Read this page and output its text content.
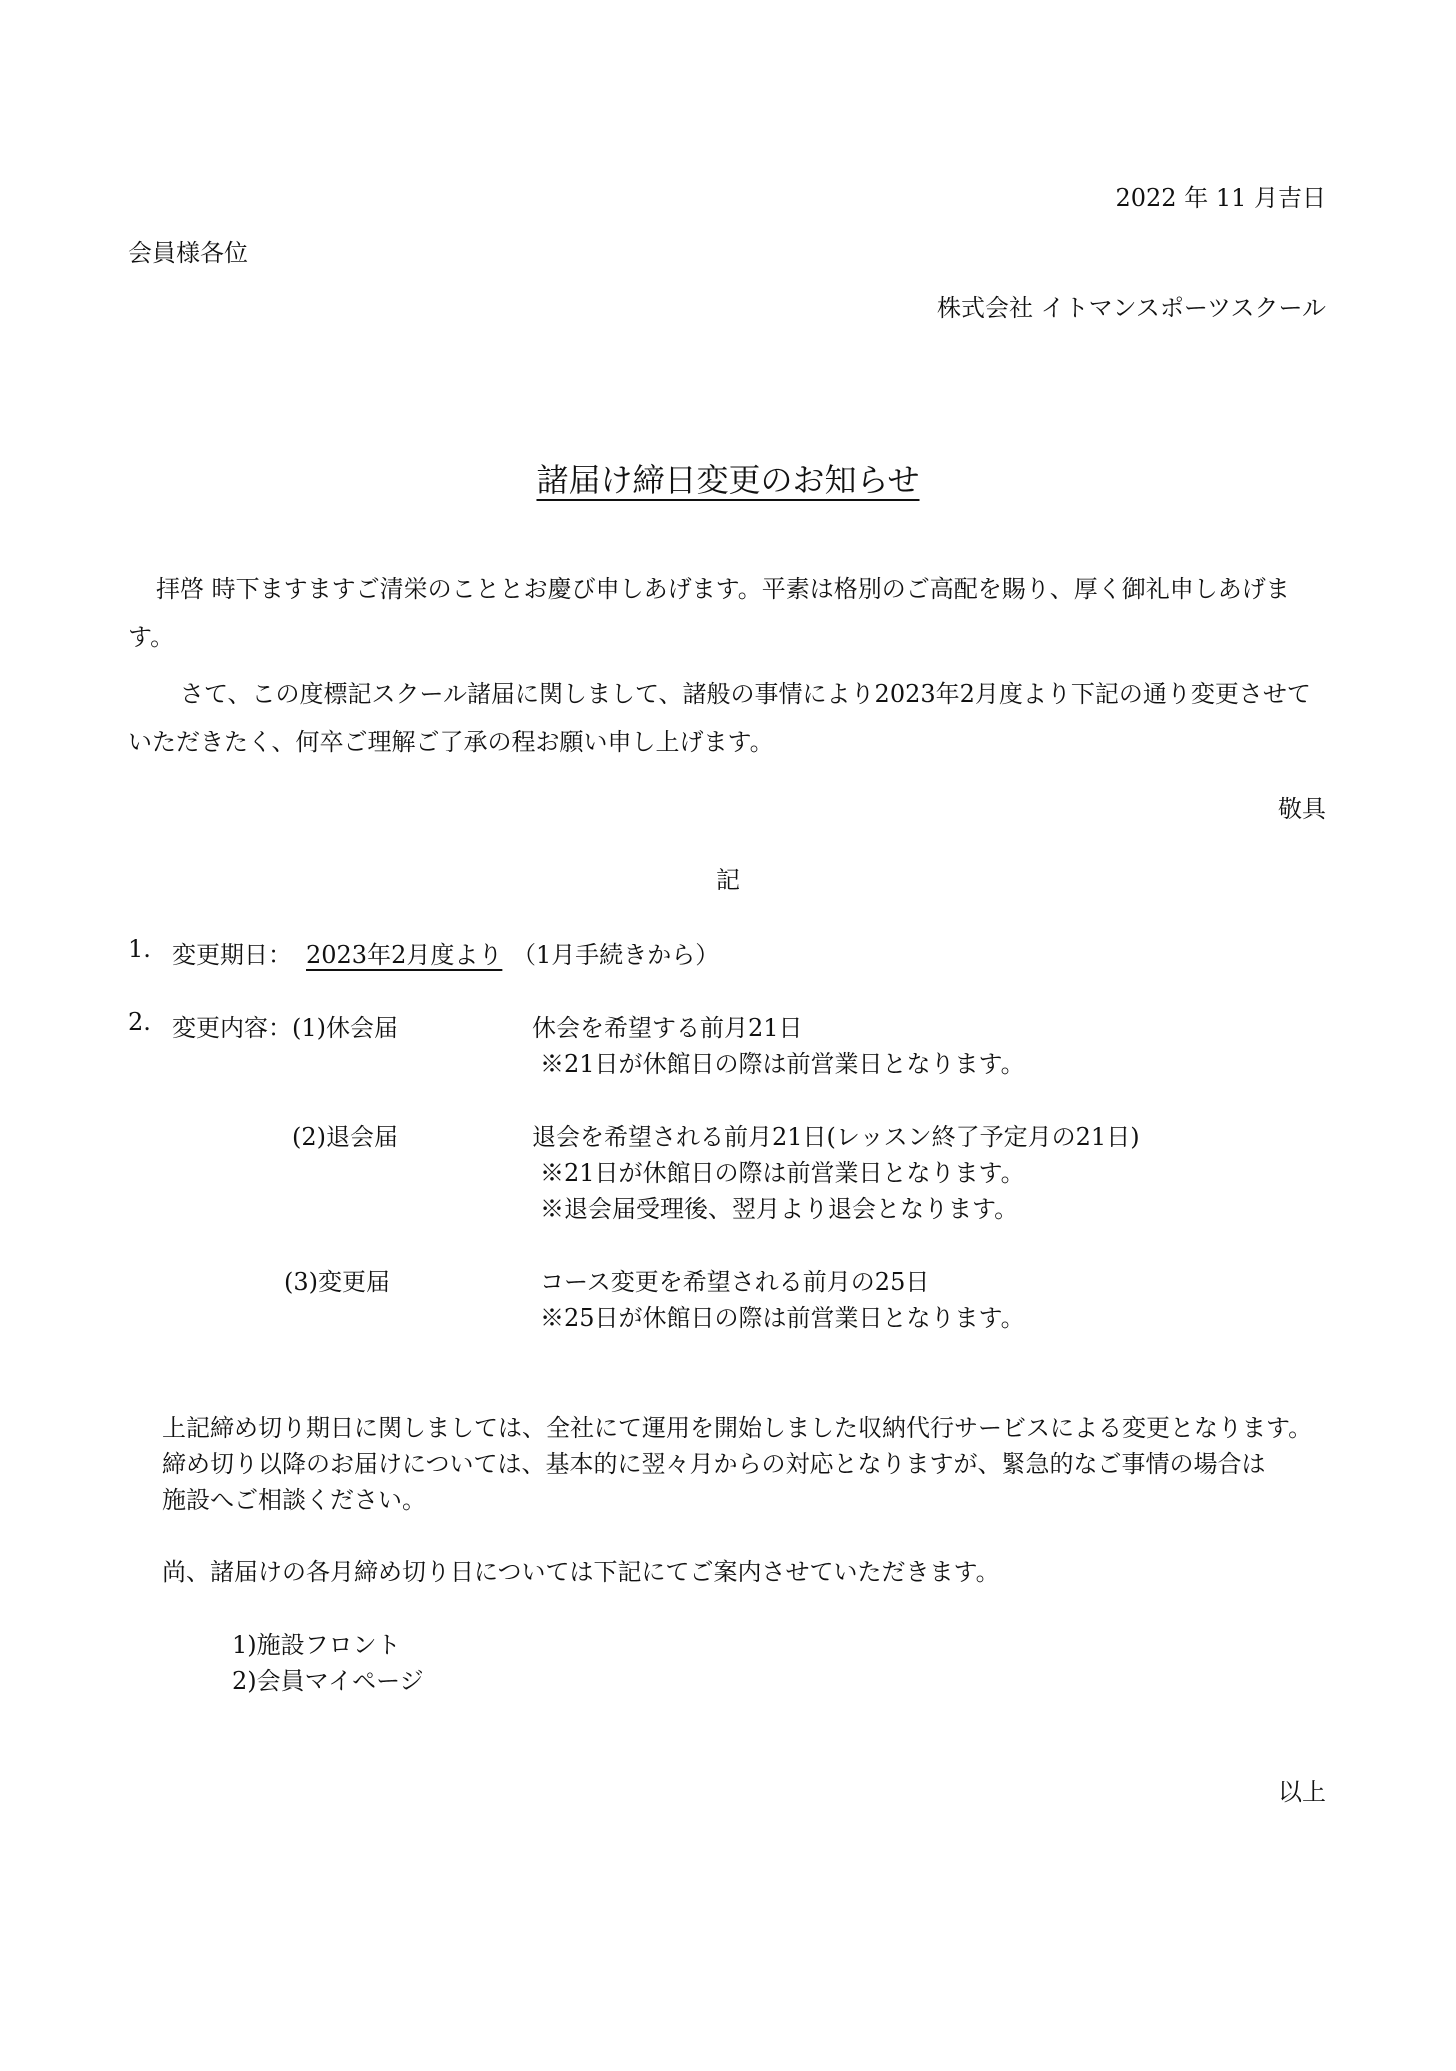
2022 年 11 月吉日
会員様各位
株式会社 イトマンスポーツスクール
諸届け締日変更のお知らせ
拝啓 時下ますますご清栄のこととお慶び申しあげます。平素は格別のご高配を賜り、厚く御礼申しあげます。
さて、この度標記スクール諸届に関しまして、諸般の事情により2023年2月度より下記の通り変更させていただきたく、何卒ご理解ご了承の程お願い申し上げます。
敬具
記
1. 変更期日： 2023年2月度より （1月手続きから）
2. 変更内容： (1)休会届	休会を希望する前月21日
※21日が休館日の際は前営業日となります。
(2)退会届	退会を希望される前月21日(レッスン終了予定月の21日)
※21日が休館日の際は前営業日となります。
※退会届受理後、翌月より退会となります。
(3)変更届	コース変更を希望される前月の25日
※25日が休館日の際は前営業日となります。
上記締め切り期日に関しましては、全社にて運用を開始しました収納代行サービスによる変更となります。
締め切り以降のお届けについては、基本的に翌々月からの対応となりますが、緊急的なご事情の場合は
施設へご相談ください。
尚、諸届けの各月締め切り日については下記にてご案内させていただきます。
1)施設フロント
2)会員マイページ
以上
